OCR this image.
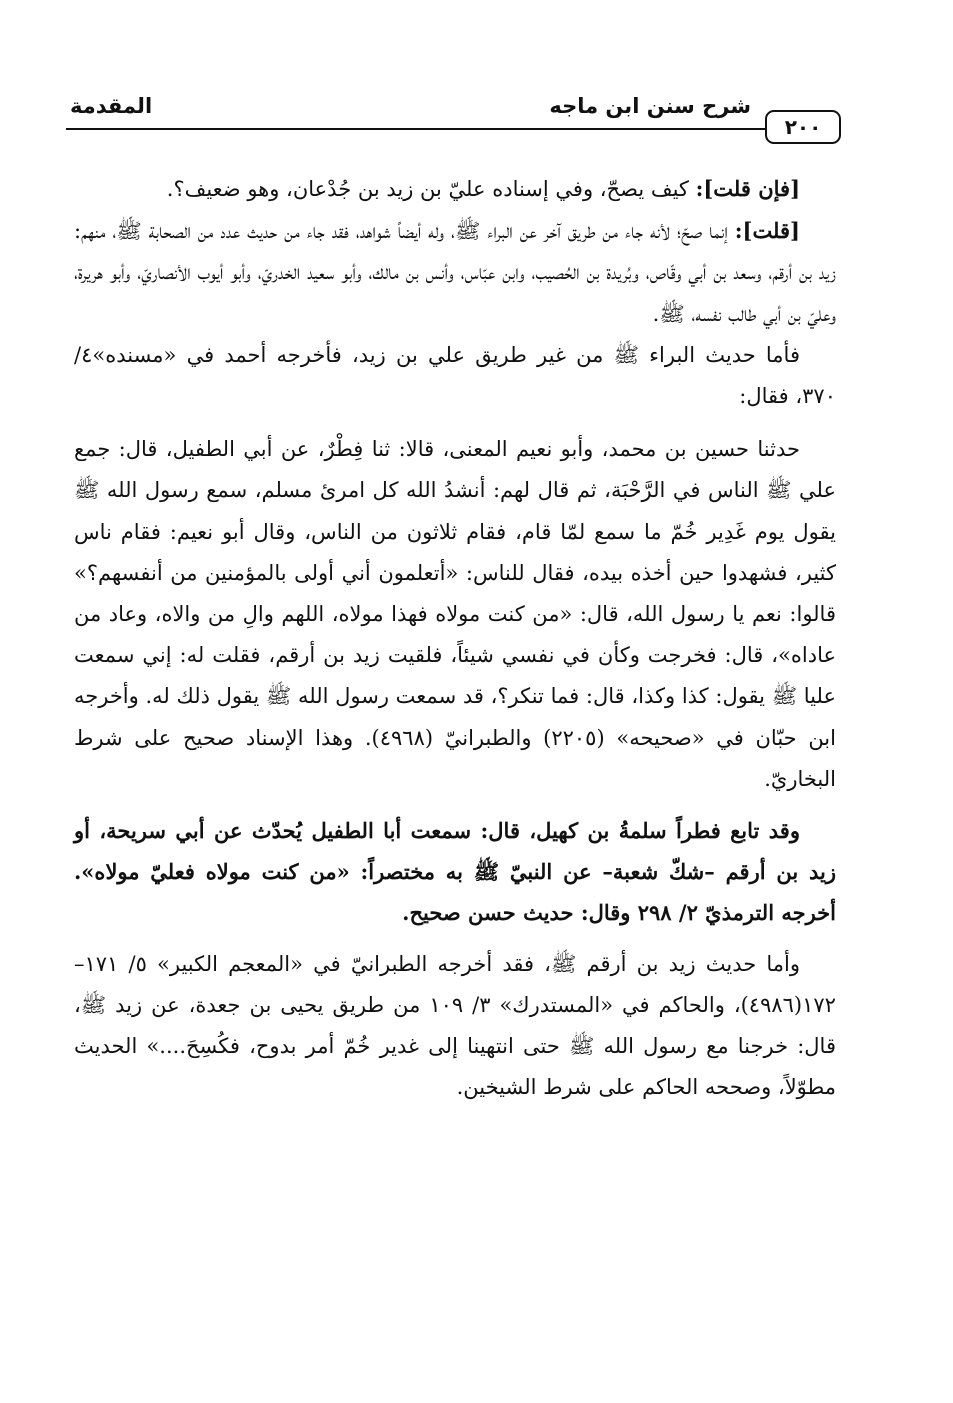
٢٠٠
شرح سنن ابن ماجه
المقدمة

[فإن قلت]: كيف يصحّ، وفي إسناده عليّ بن زيد بن جُدْعان، وهو ضعيف؟.

[قلت]: إنما صحّ؛ لأنه جاء من طريق آخر عن البراء ﷺ، وله أيضاً شواهد، فقد جاء من حديث عدد من الصحابة ﷺ، منهم: زيد بن أرقم، وسعد بن أبي وقّاص، وبُريدة بن الحُصيب، وابن عبّاس، وأنس بن مالك، وأبو سعيد الخدريّ، وأبو أيوب الأنصاريّ، وأبو هريرة، وعليّ بن أبي طالب نفسه، ﷺ.

فأما حديث البراء ﷺ من غير طريق علي بن زيد، فأخرجه أحمد في «مسنده»٤/ ٣٧٠، فقال:

حدثنا حسين بن محمد، وأبو نعيم المعنى، قالا: ثنا فِطْرٌ، عن أبي الطفيل، قال: جمع علي ﷺ الناس في الرَّحْبَة، ثم قال لهم: أنشدُ الله كل امرئ مسلم، سمع رسول الله ﷺ يقول يوم غَدِير خُمّ ما سمع لمّا قام، فقام ثلاثون من الناس، وقال أبو نعيم: فقام ناس كثير، فشهدوا حين أخذه بيده، فقال للناس: «أتعلمون أني أولى بالمؤمنين من أنفسهم؟» قالوا: نعم يا رسول الله، قال: «من كنت مولاه فهذا مولاه، اللهم والِ من والاه، وعاد من عاداه»، قال: فخرجت وكأن في نفسي شيئاً، فلقيت زيد بن أرقم، فقلت له: إني سمعت عليا ﷺ يقول: كذا وكذا، قال: فما تنكر؟، قد سمعت رسول الله ﷺ يقول ذلك له. وأخرجه ابن حبّان في «صحيحه» (٢٢٠٥) والطبرانيّ (٤٩٦٨). وهذا الإسناد صحيح على شرط البخاريّ.

وقد تابع فطراً سلمةُ بن كهيل، قال: سمعت أبا الطفيل يُحدّث عن أبي سريحة، أو زيد بن أرقم –شكّ شعبة– عن النبيّ ﷺ به مختصراً: «من كنت مولاه فعليّ مولاه». أخرجه الترمذيّ ٢/ ٢٩٨ وقال: حديث حسن صحيح.

وأما حديث زيد بن أرقم ﷺ، فقد أخرجه الطبرانيّ في «المعجم الكبير» ٥/ ١٧١–١٧٢(٤٩٨٦)، والحاكم في «المستدرك» ٣/ ١٠٩ من طريق يحيى بن جعدة، عن زيد ﷺ، قال: خرجنا مع رسول الله ﷺ حتى انتهينا إلى غدير خُمّ أمر بدوح، فكُسِحَ....» الحديث مطوّلاً، وصححه الحاكم على شرط الشيخين.
